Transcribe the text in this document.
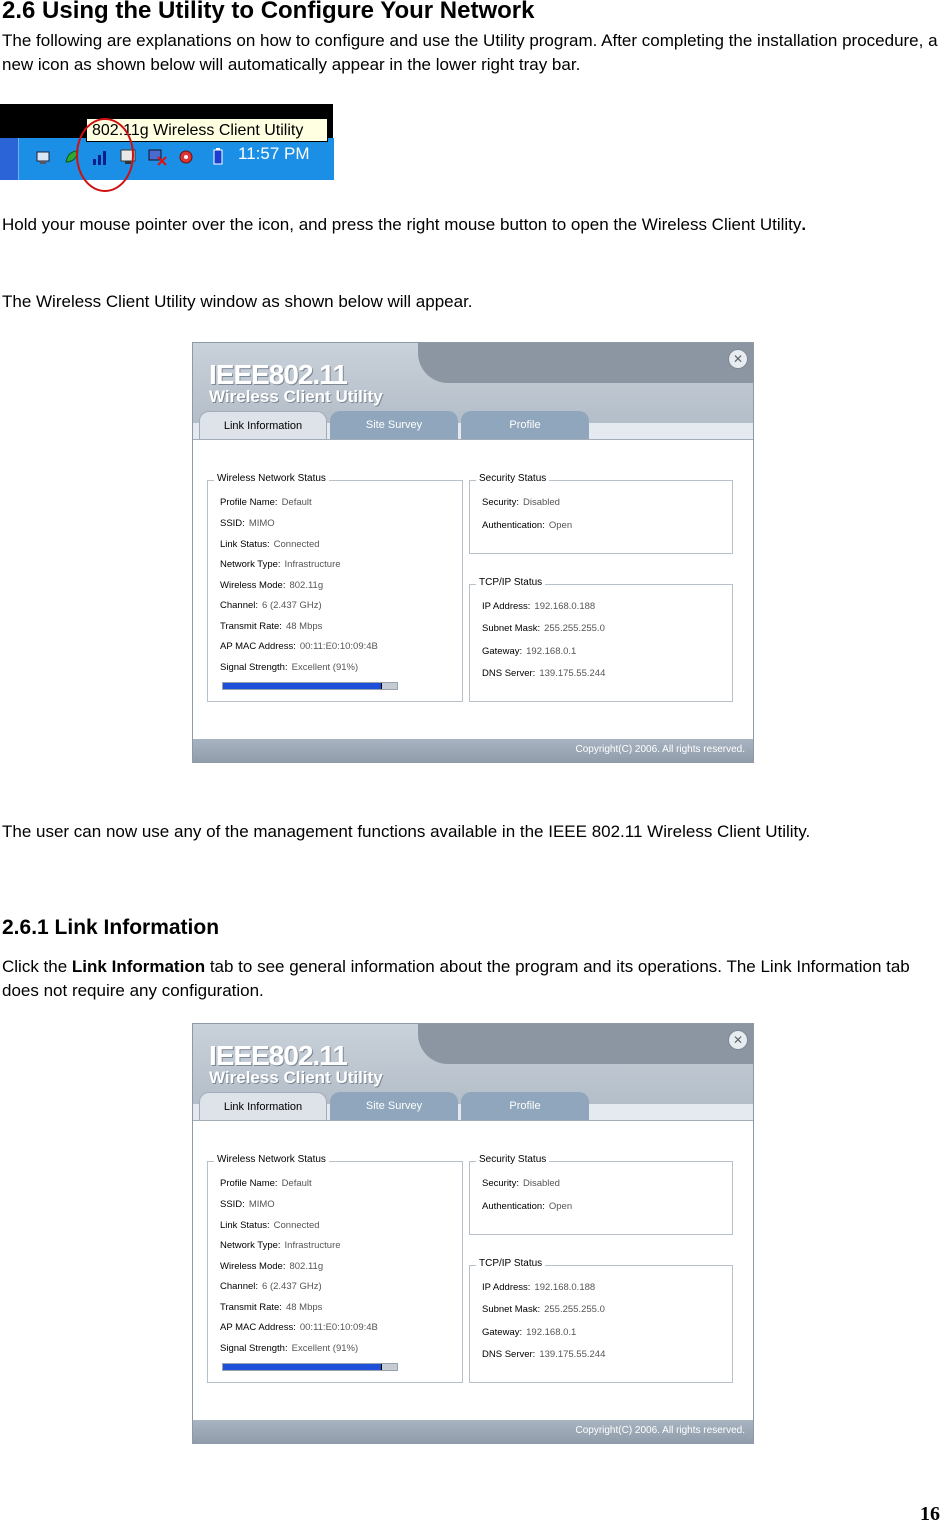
2.6 Using the Utility to Configure Your Network

The following are explanations on how to configure and use the Utility program. After completing the installation procedure, a new icon as shown below will automatically appear in the lower right tray bar.

11:57 PM
802.11g Wireless Client Utility

Hold your mouse pointer over the icon, and press the right mouse button to open the Wireless Client Utility.

The Wireless Client Utility window as shown below will appear.

IEEE802.11
Wireless Client Utility
✕
Link Information	Site Survey	Profile
Wireless Network Status
Profile Name: Default
SSID: MIMO
Link Status: Connected
Network Type: Infrastructure
Wireless Mode: 802.11g
Channel: 6 (2.437 GHz)
Transmit Rate: 48 Mbps
AP MAC Address: 00:11:E0:10:09:4B
Signal Strength: Excellent (91%)
Security Status
Security: Disabled
Authentication: Open
TCP/IP Status
IP Address: 192.168.0.188
Subnet Mask: 255.255.255.0
Gateway: 192.168.0.1
DNS Server: 139.175.55.244
Copyright(C) 2006. All rights reserved.

The user can now use any of the management functions available in the IEEE 802.11 Wireless Client Utility.

2.6.1 Link Information

Click the Link Information tab to see general information about the program and its operations. The Link Information tab does not require any configuration.

IEEE802.11
Wireless Client Utility
✕
Link Information	Site Survey	Profile
Wireless Network Status
Profile Name: Default
SSID: MIMO
Link Status: Connected
Network Type: Infrastructure
Wireless Mode: 802.11g
Channel: 6 (2.437 GHz)
Transmit Rate: 48 Mbps
AP MAC Address: 00:11:E0:10:09:4B
Signal Strength: Excellent (91%)
Security Status
Security: Disabled
Authentication: Open
TCP/IP Status
IP Address: 192.168.0.188
Subnet Mask: 255.255.255.0
Gateway: 192.168.0.1
DNS Server: 139.175.55.244
Copyright(C) 2006. All rights reserved.
16
